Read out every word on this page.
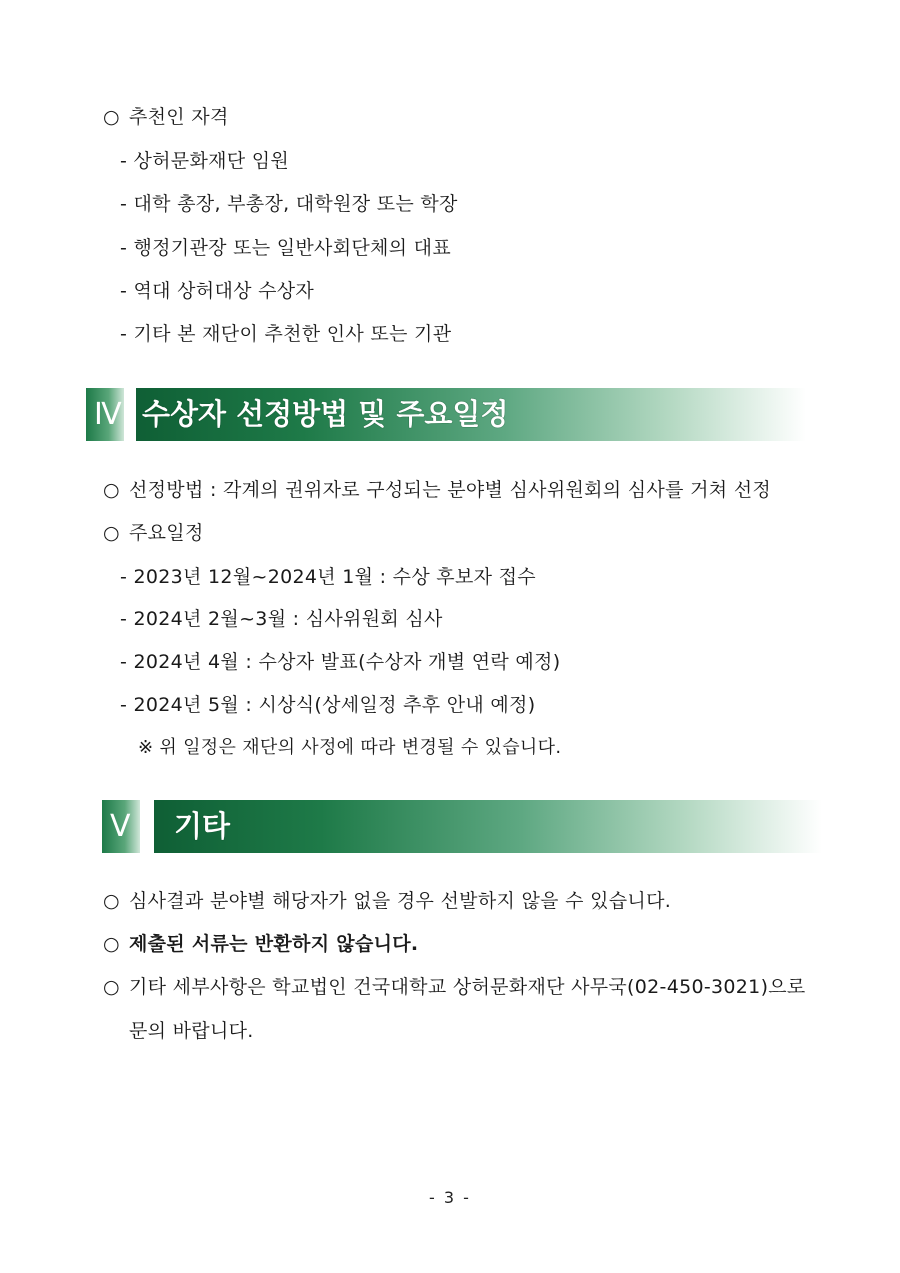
○ 추천인 자격
- 상허문화재단 임원
- 대학 총장, 부총장, 대학원장 또는 학장
- 행정기관장 또는 일반사회단체의 대표
- 역대 상허대상 수상자
- 기타 본 재단이 추천한 인사 또는 기관
Ⅳ 수상자 선정방법 및 주요일정
○ 선정방법 : 각계의 권위자로 구성되는 분야별 심사위원회의 심사를 거쳐 선정
○ 주요일정
- 2023년 12월~2024년 1월 : 수상 후보자 접수
- 2024년 2월~3월 : 심사위원회 심사
- 2024년 4월 : 수상자 발표(수상자 개별 연락 예정)
- 2024년 5월 : 시상식(상세일정 추후 안내 예정)
※ 위 일정은 재단의 사정에 따라 변경될 수 있습니다.
Ⅴ	기타
○ 심사결과 분야별 해당자가 없을 경우 선발하지 않을 수 있습니다.
○ 제출된 서류는 반환하지 않습니다.
○ 기타 세부사항은 학교법인 건국대학교 상허문화재단 사무국(02-450-3021)으로
문의 바랍니다.
- 3 -
